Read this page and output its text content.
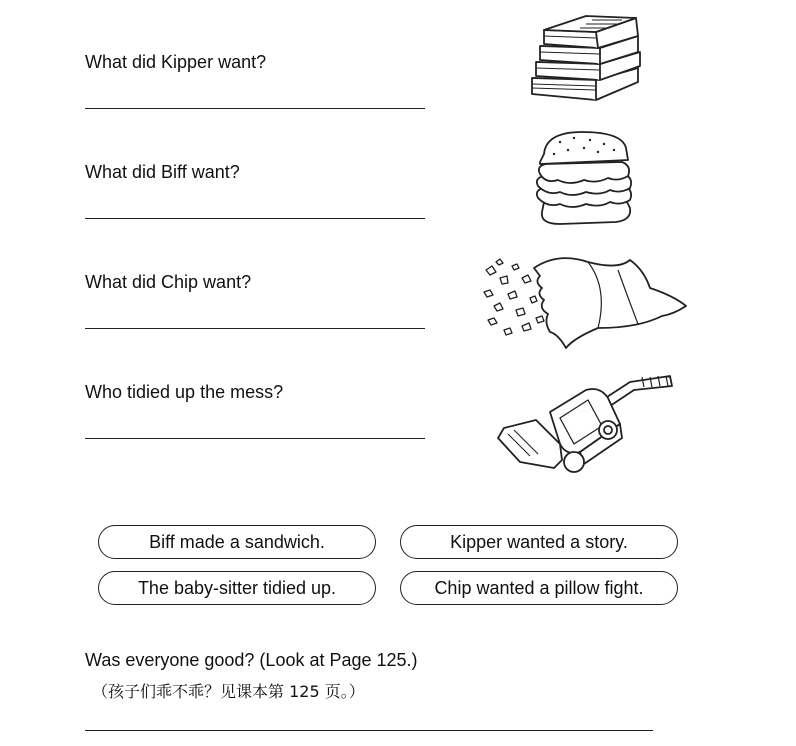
What did Kipper want?
What did Biff want?
What did Chip want?
Who tidied up the mess?
Biff made a sandwich.	Kipper wanted a story.
The baby-sitter tidied up.	Chip wanted a pillow fight.
Was everyone good? (Look at Page 125.)
（孩子们乖不乖？见课本第 125 页。）
